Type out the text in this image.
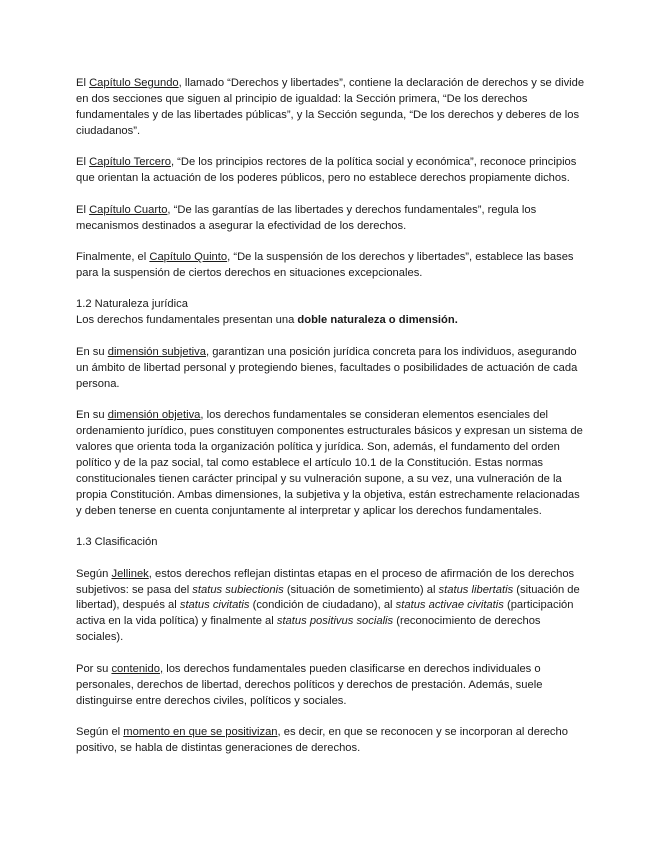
El Capítulo Segundo, llamado “Derechos y libertades”, contiene la declaración de derechos y se divide en dos secciones que siguen al principio de igualdad: la Sección primera, “De los derechos fundamentales y de las libertades públicas”, y la Sección segunda, “De los derechos y deberes de los ciudadanos”.

El Capítulo Tercero, “De los principios rectores de la política social y económica”, reconoce principios que orientan la actuación de los poderes públicos, pero no establece derechos propiamente dichos.

El Capítulo Cuarto, “De las garantías de las libertades y derechos fundamentales”, regula los mecanismos destinados a asegurar la efectividad de los derechos.

Finalmente, el Capítulo Quinto, “De la suspensión de los derechos y libertades”, establece las bases para la suspensión de ciertos derechos en situaciones excepcionales.

1.2 Naturaleza jurídica

Los derechos fundamentales presentan una doble naturaleza o dimensión.

En su dimensión subjetiva, garantizan una posición jurídica concreta para los individuos, asegurando un ámbito de libertad personal y protegiendo bienes, facultades o posibilidades de actuación de cada persona.

En su dimensión objetiva, los derechos fundamentales se consideran elementos esenciales del ordenamiento jurídico, pues constituyen componentes estructurales básicos y expresan un sistema de valores que orienta toda la organización política y jurídica. Son, además, el fundamento del orden político y de la paz social, tal como establece el artículo 10.1 de la Constitución. Estas normas constitucionales tienen carácter principal y su vulneración supone, a su vez, una vulneración de la propia Constitución. Ambas dimensiones, la subjetiva y la objetiva, están estrechamente relacionadas y deben tenerse en cuenta conjuntamente al interpretar y aplicar los derechos fundamentales.

1.3 Clasificación

Según Jellinek, estos derechos reflejan distintas etapas en el proceso de afirmación de los derechos subjetivos: se pasa del status subiectionis (situación de sometimiento) al status libertatis (situación de libertad), después al status civitatis (condición de ciudadano), al status activae civitatis (participación activa en la vida política) y finalmente al status positivus socialis (reconocimiento de derechos sociales).

Por su contenido, los derechos fundamentales pueden clasificarse en derechos individuales o personales, derechos de libertad, derechos políticos y derechos de prestación. Además, suele distinguirse entre derechos civiles, políticos y sociales.

Según el momento en que se positivizan, es decir, en que se reconocen y se incorporan al derecho positivo, se habla de distintas generaciones de derechos.
